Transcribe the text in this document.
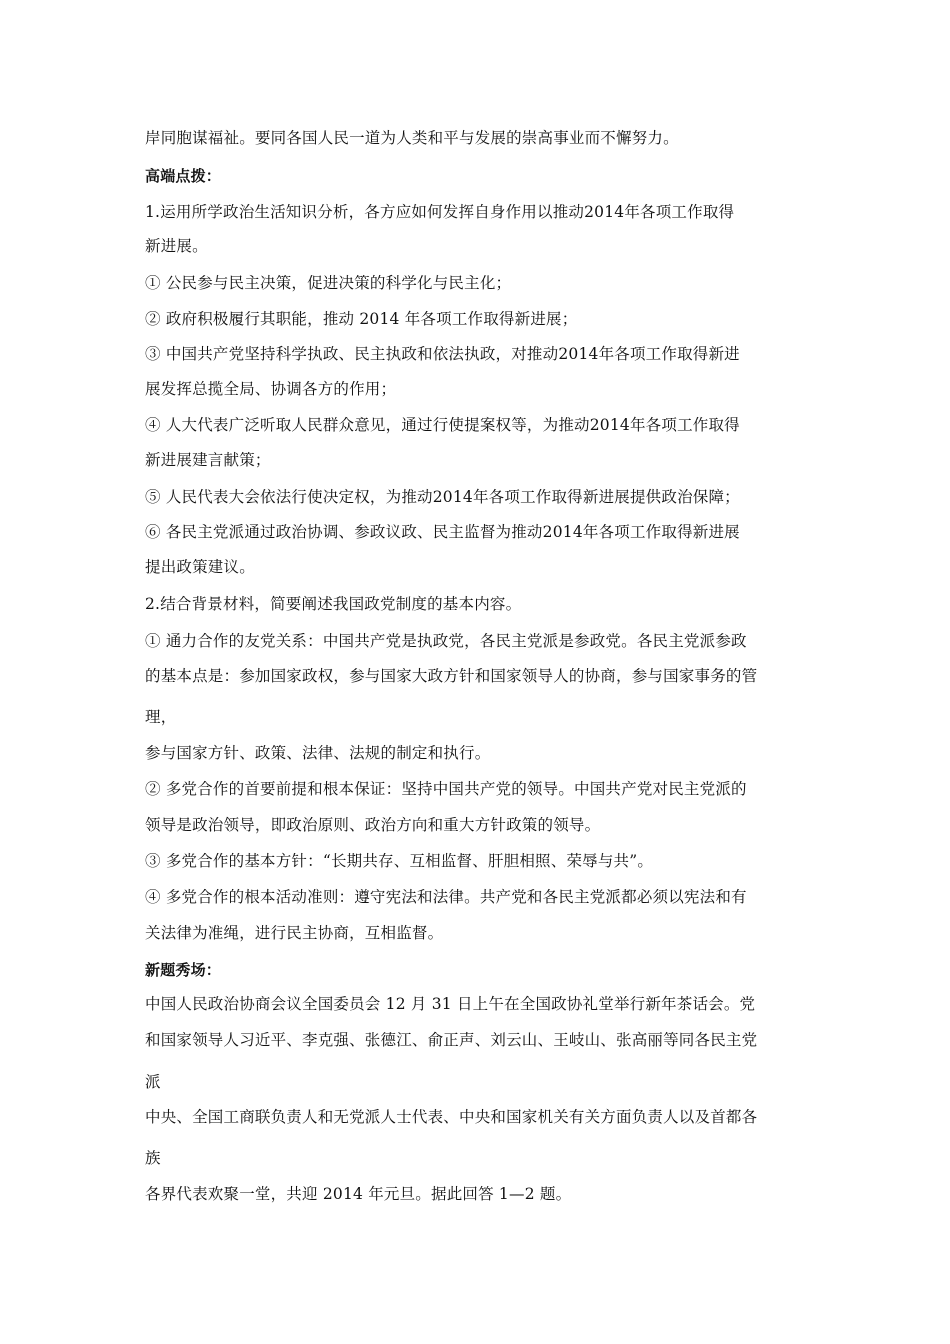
岸同胞谋福祉。要同各国人民一道为人类和平与发展的崇高事业而不懈努力。
高端点拨：
1.运用所学政治生活知识分析，各方应如何发挥自身作用以推动2014年各项工作取得
新进展。
① 公民参与民主决策，促进决策的科学化与民主化；
② 政府积极履行其职能，推动 2014 年各项工作取得新进展；
③ 中国共产党坚持科学执政、民主执政和依法执政，对推动2014年各项工作取得新进
展发挥总揽全局、协调各方的作用；
④ 人大代表广泛听取人民群众意见，通过行使提案权等，为推动2014年各项工作取得
新进展建言献策；
⑤ 人民代表大会依法行使决定权，为推动2014年各项工作取得新进展提供政治保障；
⑥ 各民主党派通过政治协调、参政议政、民主监督为推动2014年各项工作取得新进展
提出政策建议。
2.结合背景材料，简要阐述我国政党制度的基本内容。
① 通力合作的友党关系：中国共产党是执政党，各民主党派是参政党。各民主党派参政
的基本点是：参加国家政权，参与国家大政方针和国家领导人的协商，参与国家事务的管
理，
参与国家方针、政策、法律、法规的制定和执行。
② 多党合作的首要前提和根本保证：坚持中国共产党的领导。中国共产党对民主党派的
领导是政治领导，即政治原则、政治方向和重大方针政策的领导。
③ 多党合作的基本方针：“长期共存、互相监督、肝胆相照、荣辱与共”。
④ 多党合作的根本活动准则：遵守宪法和法律。共产党和各民主党派都必须以宪法和有
关法律为准绳，进行民主协商，互相监督。
新题秀场：
中国人民政治协商会议全国委员会 12 月 31 日上午在全国政协礼堂举行新年茶话会。党
和国家领导人习近平、李克强、张德江、俞正声、刘云山、王岐山、张高丽等同各民主党
派
中央、全国工商联负责人和无党派人士代表、中央和国家机关有关方面负责人以及首都各
族
各界代表欢聚一堂，共迎 2014 年元旦。据此回答 1—2 题。
